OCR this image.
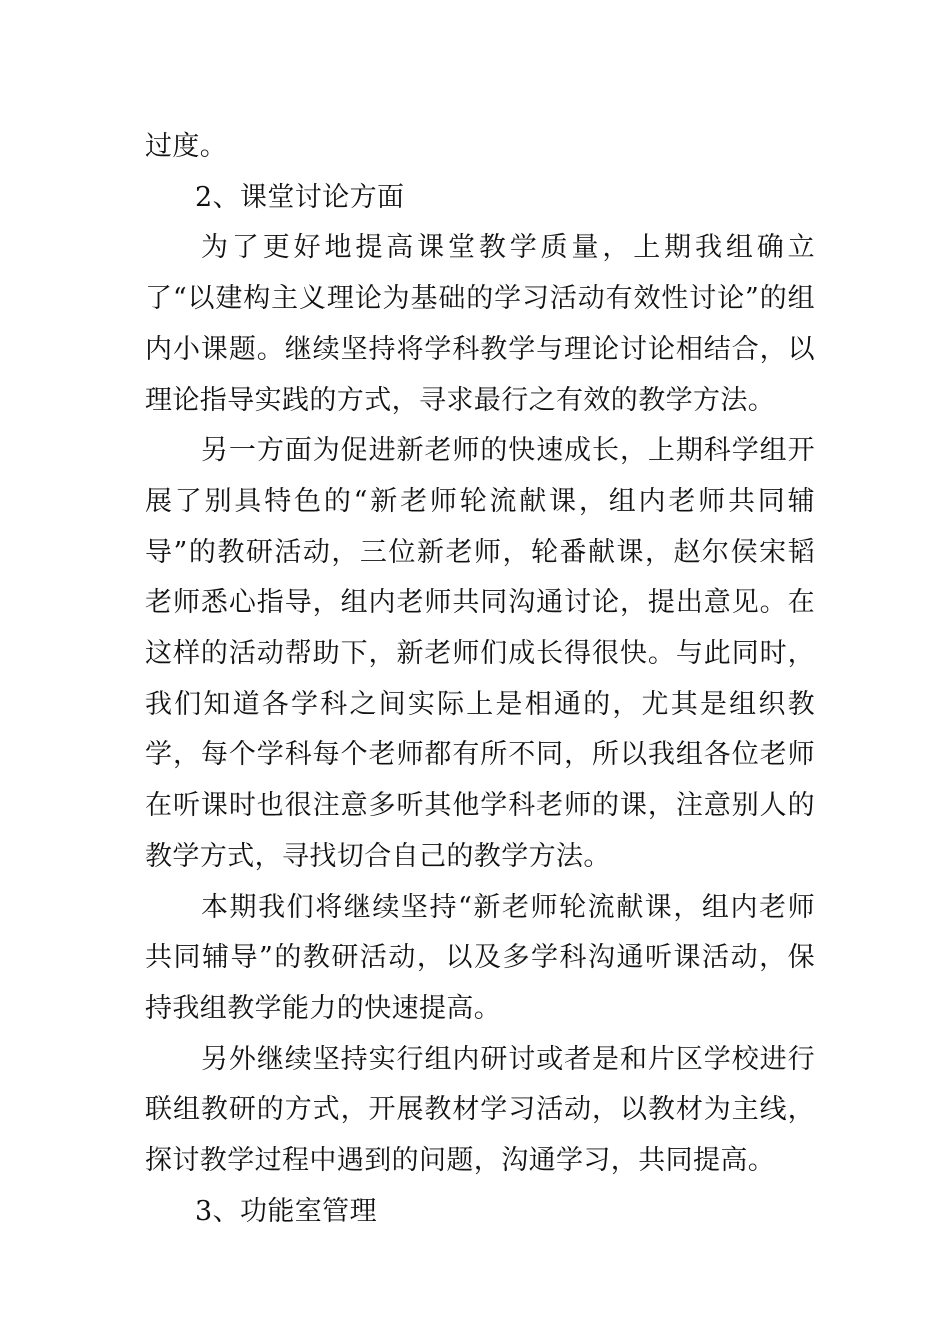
过度。

2、课堂讨论方面

为了更好地提高课堂教学质量，上期我组确立了“以建构主义理论为基础的学习活动有效性讨论”的组内小课题。继续坚持将学科教学与理论讨论相结合，以理论指导实践的方式，寻求最行之有效的教学方法。

另一方面为促进新老师的快速成长，上期科学组开展了别具特色的“新老师轮流献课，组内老师共同辅导”的教研活动，三位新老师，轮番献课，赵尔侯宋韬老师悉心指导，组内老师共同沟通讨论，提出意见。在这样的活动帮助下，新老师们成长得很快。与此同时，我们知道各学科之间实际上是相通的，尤其是组织教学，每个学科每个老师都有所不同，所以我组各位老师在听课时也很注意多听其他学科老师的课，注意别人的教学方式，寻找切合自己的教学方法。

本期我们将继续坚持“新老师轮流献课，组内老师共同辅导”的教研活动，以及多学科沟通听课活动，保持我组教学能力的快速提高。

另外继续坚持实行组内研讨或者是和片区学校进行联组教研的方式，开展教材学习活动，以教材为主线，探讨教学过程中遇到的问题，沟通学习，共同提高。

3、功能室管理
